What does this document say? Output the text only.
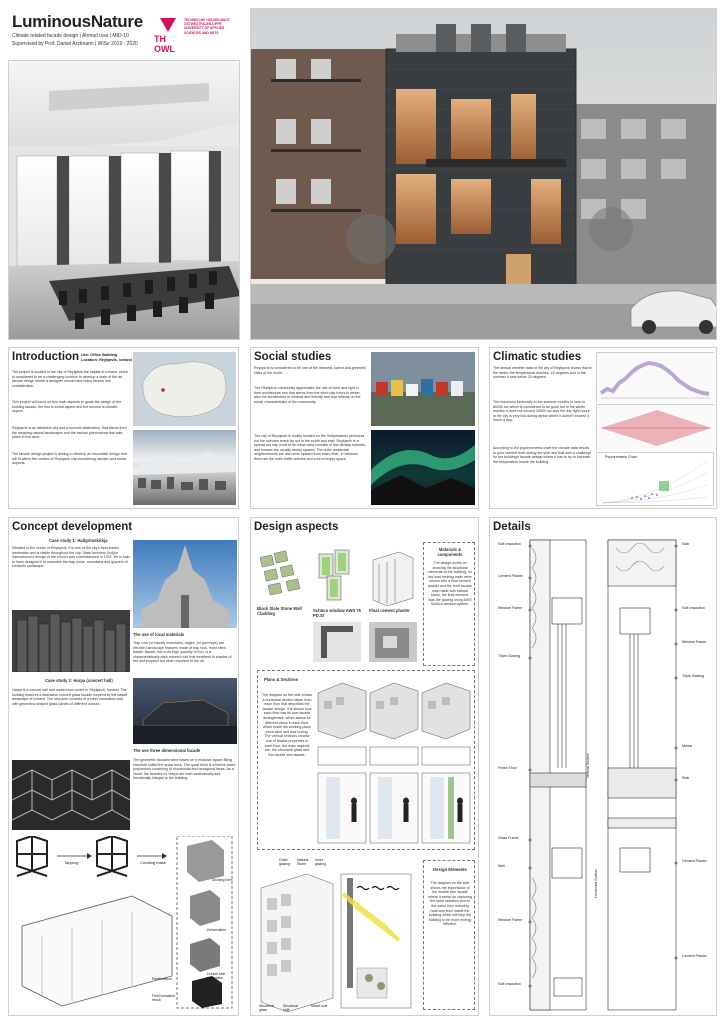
LuminousNature
Climate related facade design | Ahmad Issa | MID-10
Supervised by Prof. Daniel Arztmann | WiSe 2019 - 2020 TH
OWL
TECHNISCHE HOCHSCHULE OSTWESTFALEN-LIPPE UNIVERSITY OF APPLIED SCIENCES AND ARTS
Introduction Use: Office Building
Location: Reykjavik, Iceland
The project is located in the city of Reykjavík the capital of Iceland, which is considered to be a challenging location to develop a state of the art facade design where a designer should take many factors into consideration.
This project will focus on two main aspects to guide the design of the building facade; the first is social aspect and the second is climatic aspect.
Reykjavík is an attractive city and a touristic destination, that stems from the amazing natural landscapes and the natural phenomena that take place in this area.
The facade design project is aiming to develop an innovative design that will fit within the context of Reykjavík city considering climatic and social aspects.
Social studies
Reykjavík is considered to be one of the cleanest, safest and greenest cities of the world.
The Reykjavík community appreciates the use of color and light in their architecture and that stems from the short day hours in winter, also the architecture is minimal and friendly and that reflects on the social characteristics of the community.
The city of Reykjavík is mostly located on the Seltjarnarnes peninsula, but the suburbs reach far out to the south and east. Reykjavík is a spread out city; most of its urban area consists of low-density suburbs, and houses are usually widely spaced. The outer residential neighborhoods are also wide spaced from each other; in between them are the main traffic arteries and a lot of empty space.
Climatic studies
The annual weather data of the city of Reykjavík shows that in the winter the temperature reaches -10 degrees and in the summer it sets below 20 degrees.
The maximum luminosity in the summer months is near to 80000 lux which is considered to be good but in the winter months it does not exceed 20000 lux also the day light hours in the city is very low during winter where it doesn't exceed 4 hours a day.
According to the psychrometric chart the climate data results in poor comfort level during the year and that sets a challenge for the building's facade design where it has to try to increase the temperature inside the building.
Psychrometric Chart
Concept development
Case study 1: Hallgrímskirkja
Situated in the centre of Reykjavík, it is one of the city's best-known landmarks and is visible throughout the city. State Architect Guðjón Samúelsson's design of the church was commissioned in 1937. He is said to have designed it to resemble the trap rocks, mountains and glaciers of Iceland's landscape.
The use of local materials
Trap rock (or basalt) mountains, ridges, (or just traps) are elevated landscape features made of trap rock, most often basalt. Basalt, due to its high quantity of iron, is a characteristically dark-colored rock that weathers to shades of red and purplish red when exposed to the air.
Case study 2: Harpa (concert hall)
Harpa is a concert hall and conference centre in Reykjavík, Iceland. The building features a distinctive colored glass facade inspired by the basalt landscape of Iceland. The structure consists of a steel framework clad with geometric shaped glass panels of different colours.
The use three dimensional facade
The geometric facades were based on a modular, space-filling structure called the quasi brick. The quasi brick is a twelve-sided polyhedron consisting of rhomboidal and hexagonal faces. As a result, the facades for Harpa are both aesthetically and functionally integral to the building.
Tapping	Creating mass
Dividing form
Deformation
Double skin integration
Realization
Field formation result
Design aspects
Black Slate Stone Wall Cladding
Schüco window AWS 75 PD.SI
Float cement plaster
Materials & components
The design works on showing the structural elements of the building, so the load bearing walls were shown with a float cement plaster and the front facade was made with natural stone, the final element, was the glazing using AWS Schüco window system.
Plans & Sections
The diagram on the side shows a horizontal section taken from each floor that describes the facade design. It is shown how each floor has its own facade arrangement, which allows for different views in each floor, which make the working place more alive and less boring. The vertical sections choose one of facade properties in each floor, the main aspects are, the structural glass and the double skin facade.
Outer glazing
Natural Stone
Inner glazing
Structural glass
Structural shift
Mixed wall
Design Elements
The diagram on the side shows the importance of the double skin facade where it works on capturing the solar radiation and at the same time reducing heat loss from inside the building which will help the building to be more energy efficient.
Details
Soft Insulation
Cement Plaster
Window Frame
Triple Glazing
Finish Floor
Glass Frame
Wall
Window Frame
Soft Insulation
Slab
Soft Insulation
Window Frame
Triple Glazing
Mortar
Slab
Cement Plaster
Cement Plaster
Vertical Section
Horizontal Section
